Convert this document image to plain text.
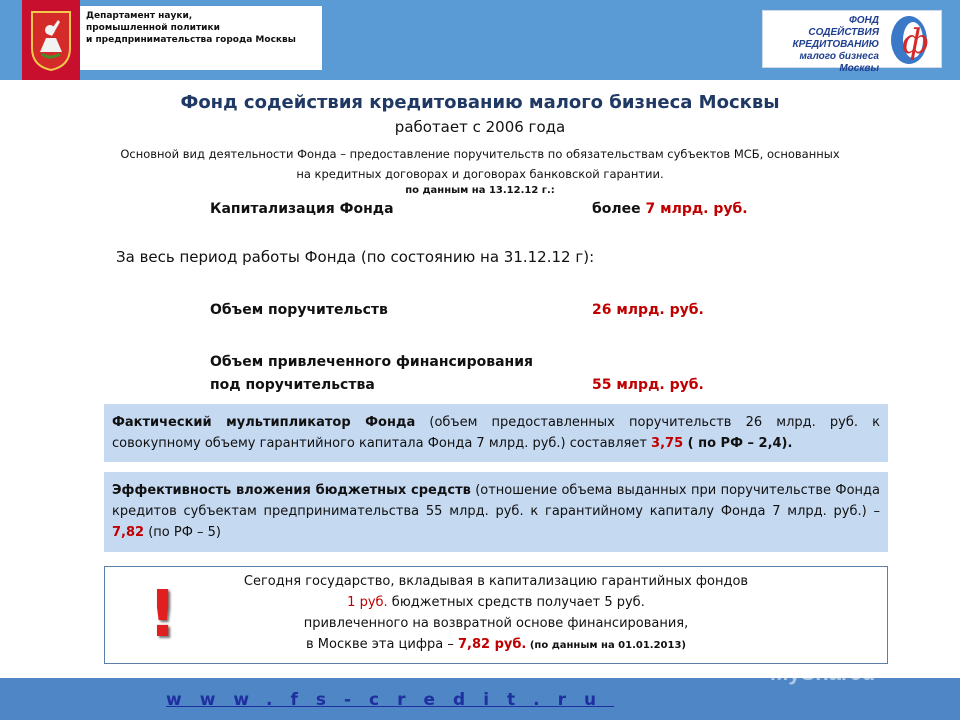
Департамент науки,
промышленной политики
и предпринимательства города Москвы
ФОНД
СОДЕЙСТВИЯ
КРЕДИТОВАНИЮ
малого бизнеса Москвы
ф
Фонд содействия кредитованию малого бизнеса Москвы
работает с 2006 года
Основной вид деятельности Фонда – предоставление поручительств по обязательствам субъектов МСБ, основанных на кредитных договорах и договорах банковской гарантии.
по данным на 13.12.12 г.:
Капитализация Фонда	более 7 млрд. руб.
За весь период работы Фонда (по состоянию на 31.12.12 г):
Объем поручительств	26 млрд. руб.
Объем привлеченного финансирования
под поручительства	55 млрд. руб.
Фактический мультипликатор Фонда (объем предоставленных поручительств 26 млрд. руб. к совокупному объему гарантийного капитала Фонда 7 млрд. руб.) составляет 3,75 ( по РФ – 2,4).
Эффективность вложения бюджетных средств (отношение объема выданных при поручительстве Фонда кредитов субъектам предпринимательства 55 млрд. руб. к гарантийному капиталу Фонда 7 млрд. руб.) – 7,82 (по РФ – 5)
Сегодня государство, вкладывая в капитализацию гарантийных фондов
1 руб. бюджетных средств получает 5 руб.
привлеченного на возвратной основе финансирования,
в Москве эта цифра – 7,82 руб. (по данным на 01.01.2013)
!
MyShared
www.fs-credit.ru
